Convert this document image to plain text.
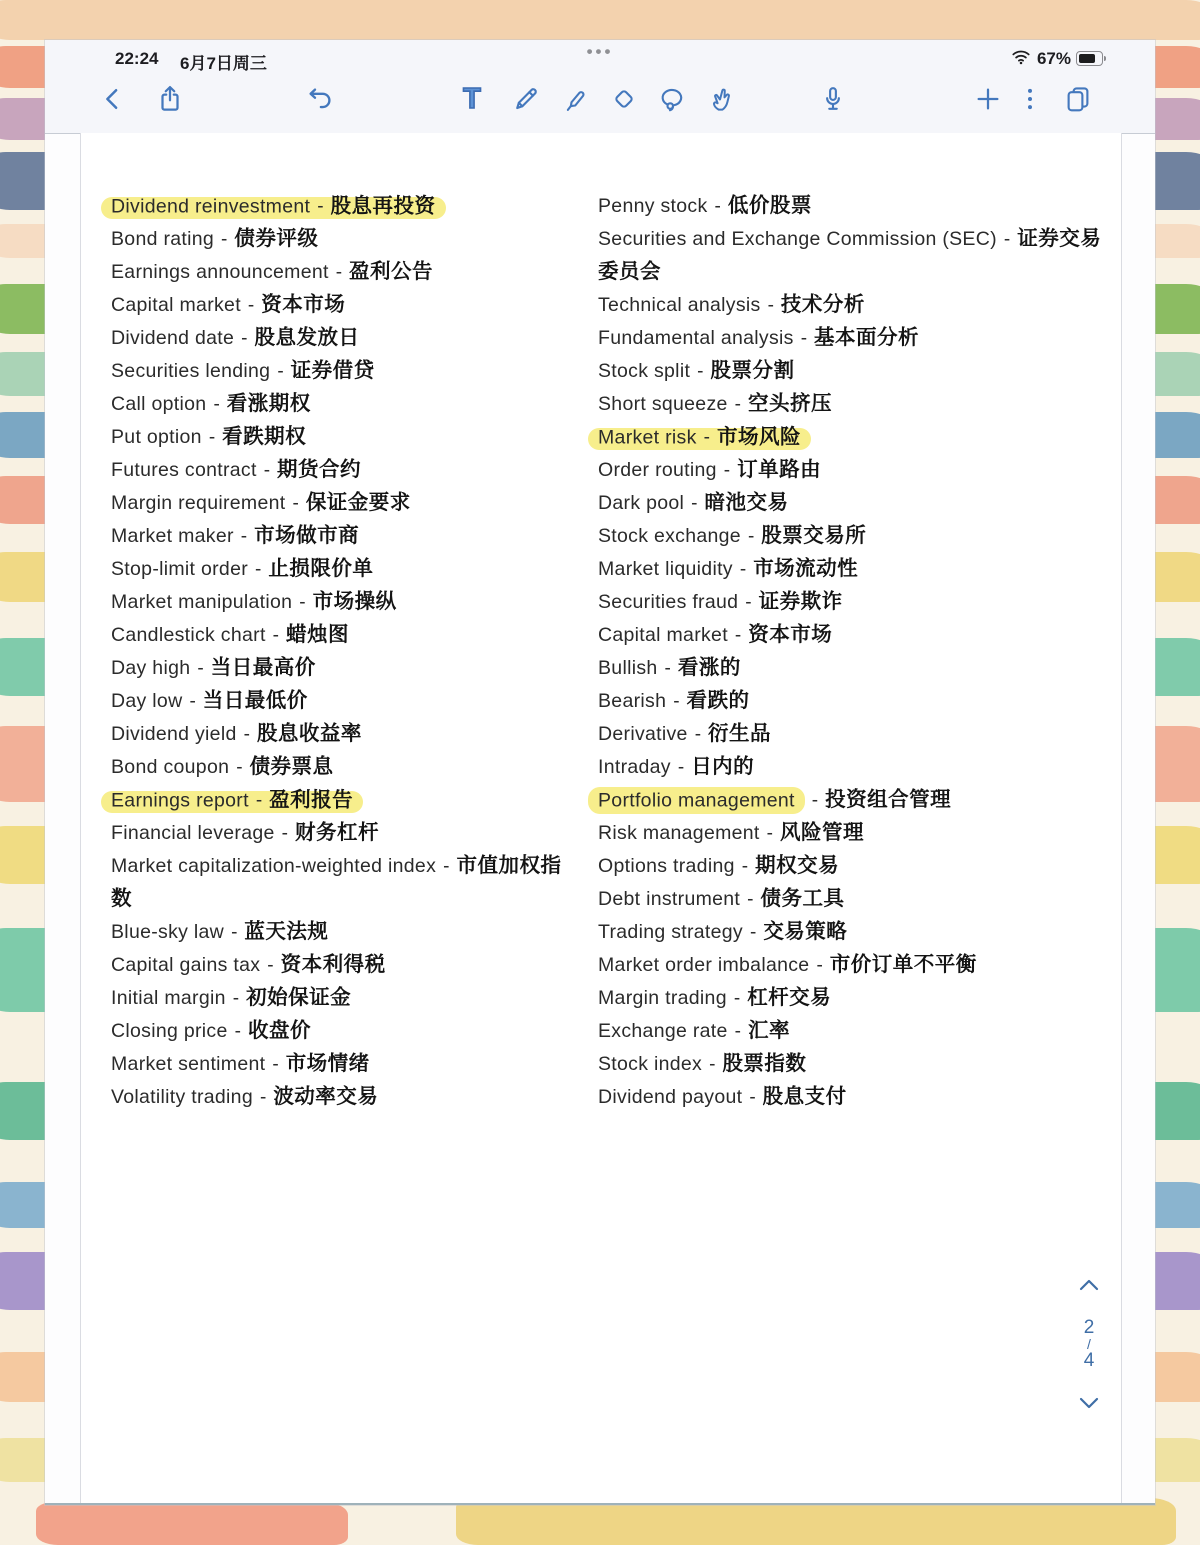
22:24 6月7日周三
•••	67%
T
Dividend reinvestment - 股息再投资
Bond rating - 债券评级
Earnings announcement - 盈利公告
Capital market - 资本市场
Dividend date - 股息发放日
Securities lending - 证券借贷
Call option - 看涨期权
Put option - 看跌期权
Futures contract - 期货合约
Margin requirement - 保证金要求
Market maker - 市场做市商
Stop-limit order - 止损限价单
Market manipulation - 市场操纵
Candlestick chart - 蜡烛图
Day high - 当日最高价
Day low - 当日最低价
Dividend yield - 股息收益率
Bond coupon - 债券票息
Earnings report - 盈利报告
Financial leverage - 财务杠杆
Market capitalization-weighted index - 市值加权指数
Blue-sky law - 蓝天法规
Capital gains tax - 资本利得税
Initial margin - 初始保证金
Closing price - 收盘价
Market sentiment - 市场情绪
Volatility trading - 波动率交易
Penny stock - 低价股票
Securities and Exchange Commission (SEC) - 证券交易委员会
Technical analysis - 技术分析
Fundamental analysis - 基本面分析
Stock split - 股票分割
Short squeeze - 空头挤压
Market risk - 市场风险
Order routing - 订单路由
Dark pool - 暗池交易
Stock exchange - 股票交易所
Market liquidity - 市场流动性
Securities fraud - 证券欺诈
Capital market - 资本市场
Bullish - 看涨的
Bearish - 看跌的
Derivative - 衍生品
Intraday - 日内的
Portfolio management - 投资组合管理
Risk management - 风险管理
Options trading - 期权交易
Debt instrument - 债务工具
Trading strategy - 交易策略
Market order imbalance - 市价订单不平衡
Margin trading - 杠杆交易
Exchange rate - 汇率
Stock index - 股票指数
Dividend payout - 股息支付
2
/
4
